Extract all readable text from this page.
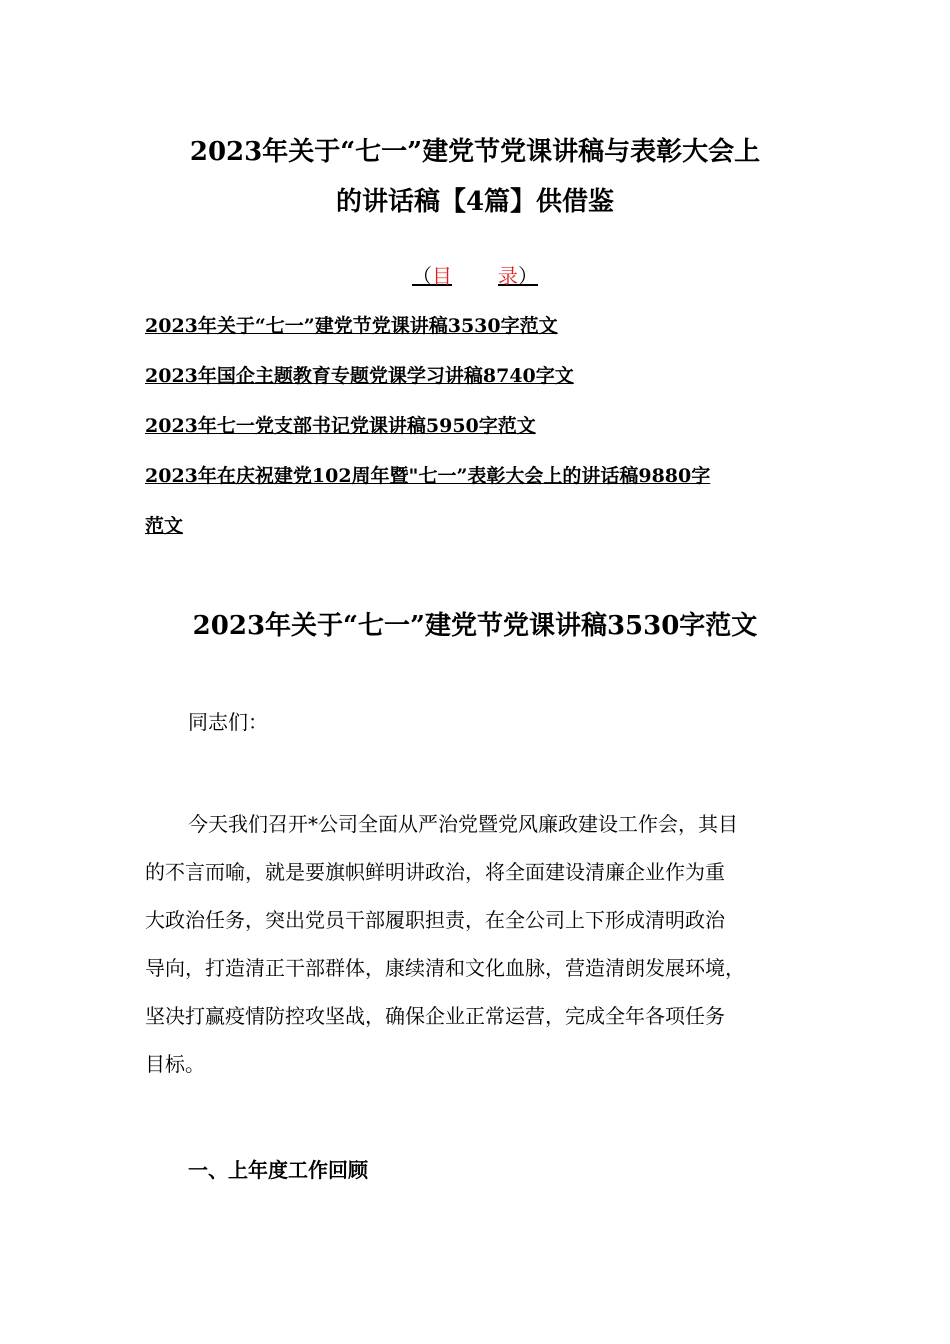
2023年关于“七一”建党节党课讲稿与表彰大会上
的讲话稿【4篇】供借鉴
（目 录）
2023年关于“七一”建党节党课讲稿3530字范文
2023年国企主题教育专题党课学习讲稿8740字文
2023年七一党支部书记党课讲稿5950字范文
2023年在庆祝建党102周年暨"七一”表彰大会上的讲话稿9880字
范文
2023年关于“七一”建党节党课讲稿3530字范文
同志们：
今天我们召开*公司全面从严治党暨党风廉政建设工作会，其目
的不言而喻，就是要旗帜鲜明讲政治，将全面建设清廉企业作为重
大政治任务，突出党员干部履职担责，在全公司上下形成清明政治
导向，打造清正干部群体，康续清和文化血脉，营造清朗发展环境，
坚决打赢疫情防控攻坚战，确保企业正常运营，完成全年各项任务
目标。
一、上年度工作回顾
